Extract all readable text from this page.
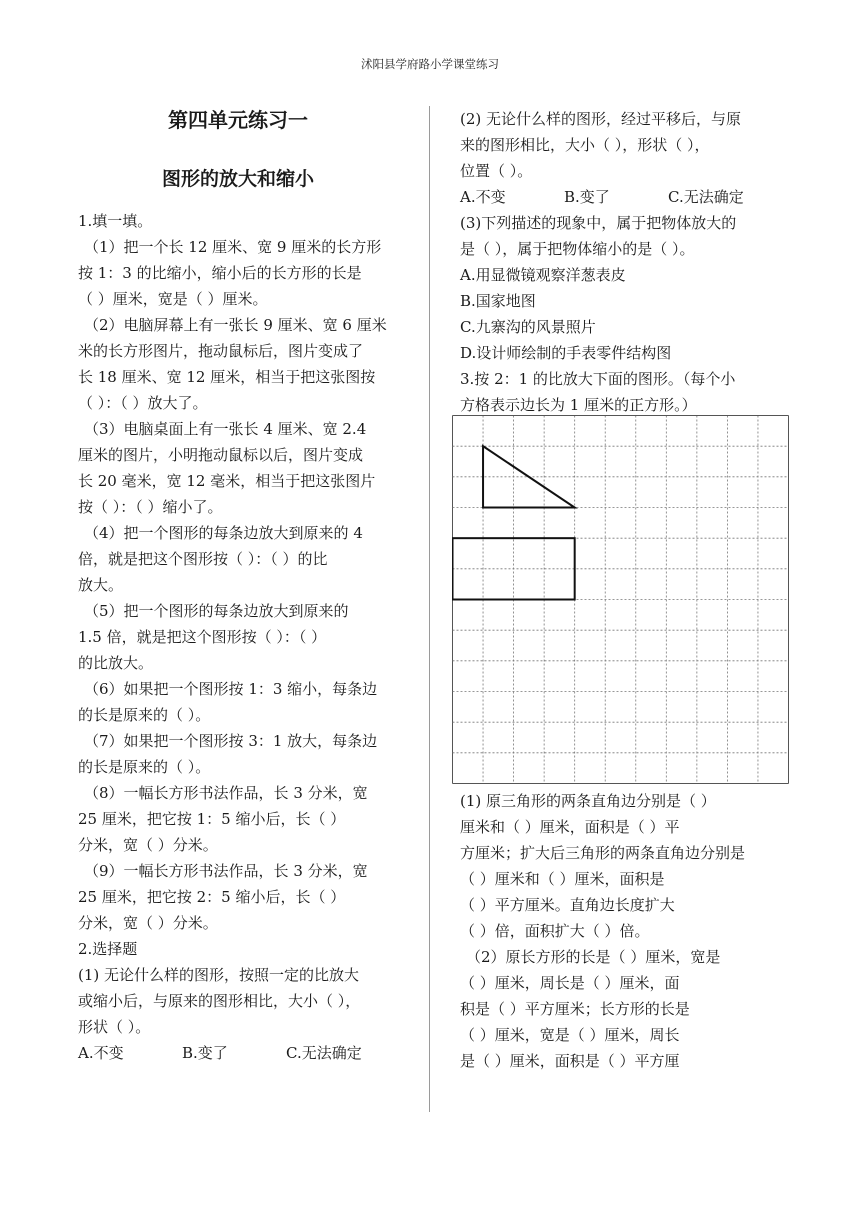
沭阳县学府路小学课堂练习
第四单元练习一
图形的放大和缩小

1.填一填。

（1）把一个长 12 厘米、宽 9 厘米的长方形

按 1：3 的比缩小，缩小后的长方形的长是

（ ）厘米，宽是（ ）厘米。

（2）电脑屏幕上有一张长 9 厘米、宽 6 厘米

米的长方形图片，拖动鼠标后，图片变成了

长 18 厘米、宽 12 厘米，相当于把这张图按

（ ）：（ ）放大了。

（3）电脑桌面上有一张长 4 厘米、宽 2.4

厘米的图片，小明拖动鼠标以后，图片变成

长 20 毫米，宽 12 毫米，相当于把这张图片

按（ ）：（ ）缩小了。

（4）把一个图形的每条边放大到原来的 4

倍，就是把这个图形按（ ）：（ ）的比

放大。

（5）把一个图形的每条边放大到原来的

1.5 倍，就是把这个图形按（ ）：（ ）

的比放大。

（6）如果把一个图形按 1：3 缩小，每条边

的长是原来的（ ）。

（7）如果把一个图形按 3：1 放大，每条边

的长是原来的（ ）。

（8）一幅长方形书法作品，长 3 分米，宽

25 厘米，把它按 1：5 缩小后，长（ ）

分米，宽（ ）分米。

（9）一幅长方形书法作品，长 3 分米，宽

25 厘米，把它按 2：5 缩小后，长（ ）

分米，宽（ ）分米。

2.选择题

(1) 无论什么样的图形，按照一定的比放大

或缩小后，与原来的图形相比，大小（ ），

形状（ ）。

A.不变	B.变了	C.无法确定

(2) 无论什么样的图形，经过平移后，与原

来的图形相比，大小（ ），形状（ ），

位置（ ）。

A.不变	B.变了	C.无法确定

(3)下列描述的现象中，属于把物体放大的

是（ ），属于把物体缩小的是（ ）。

A.用显微镜观察洋葱表皮

B.国家地图

C.九寨沟的风景照片

D.设计师绘制的手表零件结构图

3.按 2：1 的比放大下面的图形。（每个小

方格表示边长为 1 厘米的正方形。）

(1) 原三角形的两条直角边分别是（ ）

厘米和（ ）厘米，面积是（ ）平

方厘米；扩大后三角形的两条直角边分别是

（ ）厘米和（ ）厘米，面积是

（ ）平方厘米。直角边长度扩大

（ ）倍，面积扩大（ ）倍。

（2）原长方形的长是（ ）厘米，宽是

（ ）厘米，周长是（ ）厘米，面

积是（ ）平方厘米；长方形的长是

（ ）厘米，宽是（ ）厘米，周长

是（ ）厘米，面积是（ ）平方厘
